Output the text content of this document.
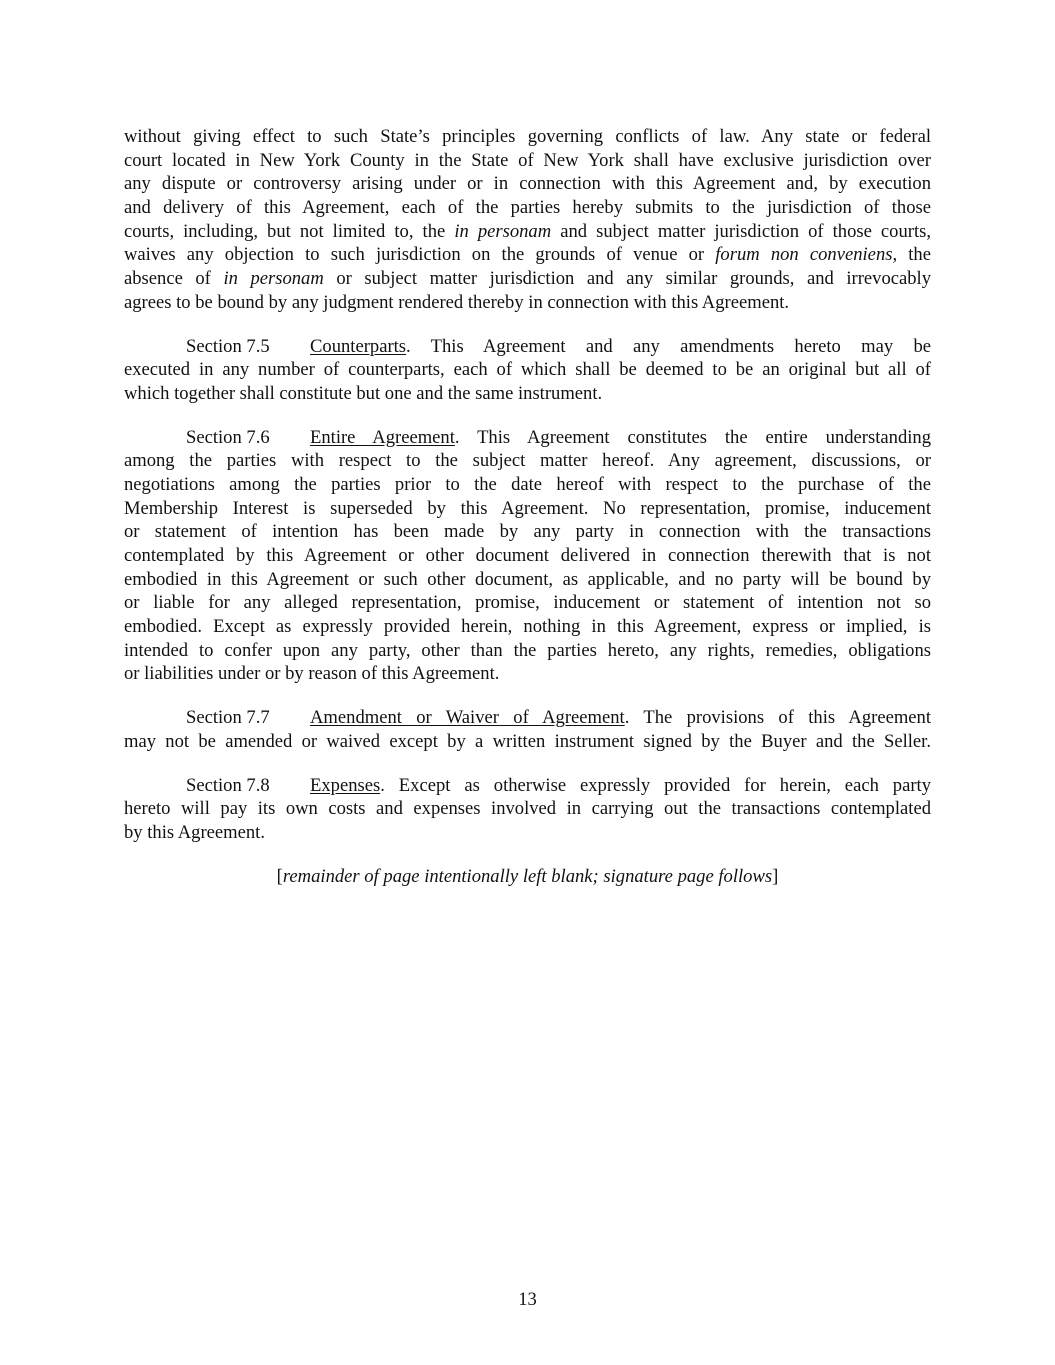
without giving effect to such State’s principles governing conflicts of law. Any state or federal
court located in New York County in the State of New York shall have exclusive jurisdiction over
any dispute or controversy arising under or in connection with this Agreement and, by execution
and delivery of this Agreement, each of the parties hereby submits to the jurisdiction of those
courts, including, but not limited to, the in personam and subject matter jurisdiction of those courts,
waives any objection to such jurisdiction on the grounds of venue or forum non conveniens, the
absence of in personam or subject matter jurisdiction and any similar grounds, and irrevocably
agrees to be bound by any judgment rendered thereby in connection with this Agreement.
Section 7.5 Counterparts. This Agreement and any amendments hereto may be
executed in any number of counterparts, each of which shall be deemed to be an original but all of
which together shall constitute but one and the same instrument.
Section 7.6 Entire Agreement. This Agreement constitutes the entire understanding
among the parties with respect to the subject matter hereof. Any agreement, discussions, or
negotiations among the parties prior to the date hereof with respect to the purchase of the
Membership Interest is superseded by this Agreement. No representation, promise, inducement
or statement of intention has been made by any party in connection with the transactions
contemplated by this Agreement or other document delivered in connection therewith that is not
embodied in this Agreement or such other document, as applicable, and no party will be bound by
or liable for any alleged representation, promise, inducement or statement of intention not so
embodied. Except as expressly provided herein, nothing in this Agreement, express or implied, is
intended to confer upon any party, other than the parties hereto, any rights, remedies, obligations
or liabilities under or by reason of this Agreement.
Section 7.7 Amendment or Waiver of Agreement. The provisions of this Agreement
may not be amended or waived except by a written instrument signed by the Buyer and the Seller.
Section 7.8 Expenses. Except as otherwise expressly provided for herein, each party
hereto will pay its own costs and expenses involved in carrying out the transactions contemplated
by this Agreement.
[remainder of page intentionally left blank; signature page follows]
13
